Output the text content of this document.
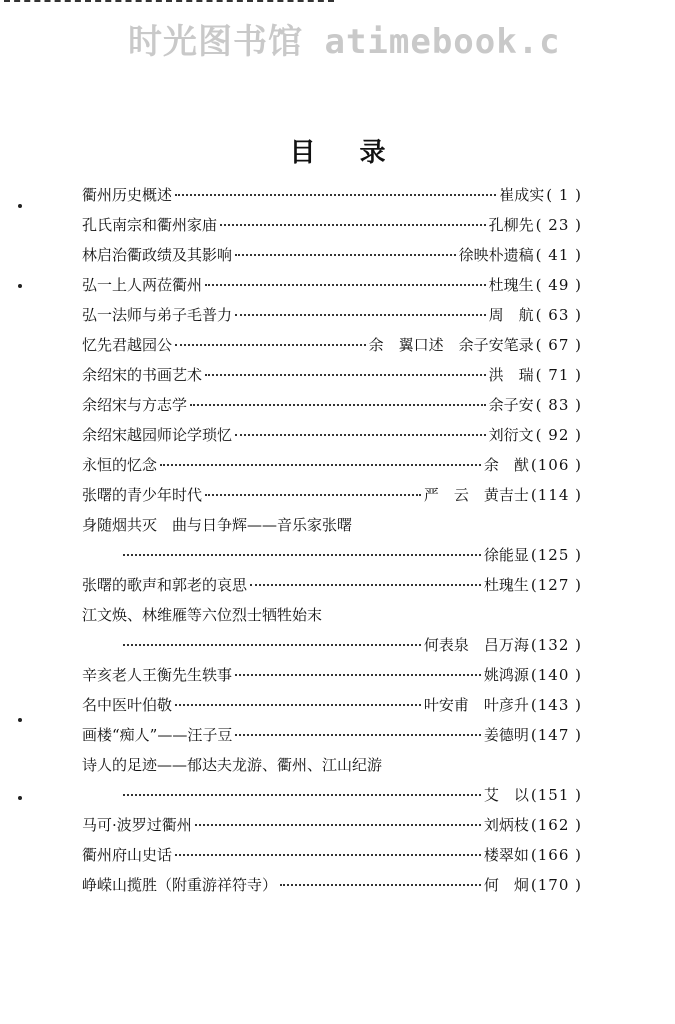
时光图书馆 atimebook.c
目录
衢州历史概述	崔成实 ( 1 )
孔氏南宗和衢州家庙	孔柳先 ( 23 )
林启治衢政绩及其影响	徐映朴遗稿 ( 41 )
弘一上人两莅衢州	杜瑰生 ( 49 )
弘一法师与弟子毛普力	周　航 ( 63 )
忆先君越园公	余　翼口述　余子安笔录 ( 67 )
余绍宋的书画艺术	洪　瑞 ( 71 )
余绍宋与方志学	余子安 ( 83 )
余绍宋越园师论学琐忆	刘衍文 ( 92 )
永恒的忆念	余　猷 (106 )
张曙的青少年时代	严　云　黄吉士 (114 )
身随烟共灭　曲与日争辉——音乐家张曙
徐能显 (125 )
张曙的歌声和郭老的哀思	杜瑰生 (127 )
江文焕、林维雁等六位烈士牺牲始末
何表泉　吕万海 (132 )
辛亥老人王衡先生轶事	姚鸿源 (140 )
名中医叶伯敬	叶安甫　叶彦升 (143 )
画楼“痴人”——汪子豆	姜德明 (147 )
诗人的足迹——郁达夫龙游、衢州、江山纪游
艾　以 (151 )
马可·波罗过衢州	刘炳枝 (162 )
衢州府山史话	楼翠如 (166 )
峥嵘山揽胜（附重游祥符寺）	何　炯 (170 )
